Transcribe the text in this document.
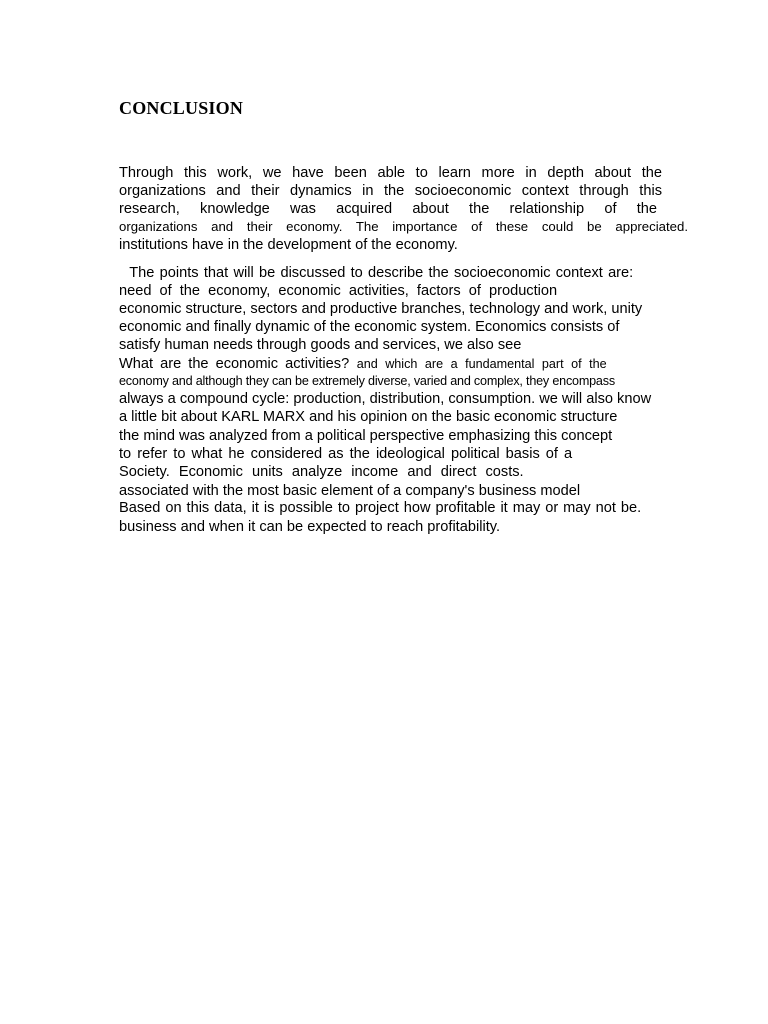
CONCLUSION
Through this work, we have been able to learn more in depth about the
organizations and their dynamics in the socioeconomic context through this
research, knowledge was acquired about the relationship of the
organizations and their economy. The importance of these could be appreciated.
institutions have in the development of the economy.
The points that will be discussed to describe the socioeconomic context are:
need of the economy, economic activities, factors of production
economic structure, sectors and productive branches, technology and work, unity
economic and finally dynamic of the economic system. Economics consists of
satisfy human needs through goods and services, we also see
What are the economic activities? and which are a fundamental part of the
economy and although they can be extremely diverse, varied and complex, they encompass
always a compound cycle: production, distribution, consumption. we will also know
a little bit about KARL MARX and his opinion on the basic economic structure
the mind was analyzed from a political perspective emphasizing this concept
to refer to what he considered as the ideological political basis of a
Society. Economic units analyze income and direct costs.
associated with the most basic element of a company's business model
Based on this data, it is possible to project how profitable it may or may not be.
business and when it can be expected to reach profitability.
